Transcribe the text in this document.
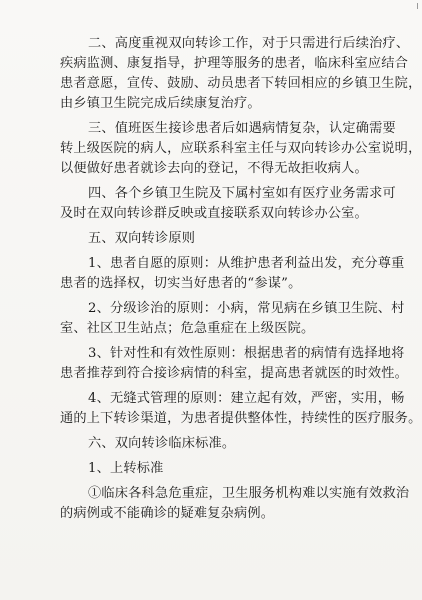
二、高度重视双向转诊工作，对于只需进行后续治疗、
疾病监测、康复指导，护理等服务的患者，临床科室应结合
患者意愿，宣传、鼓励、动员患者下转回相应的乡镇卫生院，
由乡镇卫生院完成后续康复治疗。
三、值班医生接诊患者后如遇病情复杂，认定确需要
转上级医院的病人，应联系科室主任与双向转诊办公室说明，
以便做好患者就诊去向的登记，不得无故拒收病人。
四、各个乡镇卫生院及下属村室如有医疗业务需求可
及时在双向转诊群反映或直接联系双向转诊办公室。
五、双向转诊原则
1、患者自愿的原则：从维护患者利益出发，充分尊重
患者的选择权，切实当好患者的“参谋”。
2、分级诊治的原则：小病，常见病在乡镇卫生院、村
室、社区卫生站点；危急重症在上级医院。
3、针对性和有效性原则：根据患者的病情有选择地将
患者推荐到符合接诊病情的科室，提高患者就医的时效性。
4、无缝式管理的原则：建立起有效，严密，实用，畅
通的上下转诊渠道，为患者提供整体性，持续性的医疗服务。
六、双向转诊临床标准。
1、上转标准
①临床各科急危重症，卫生服务机构难以实施有效救治
的病例或不能确诊的疑难复杂病例。
